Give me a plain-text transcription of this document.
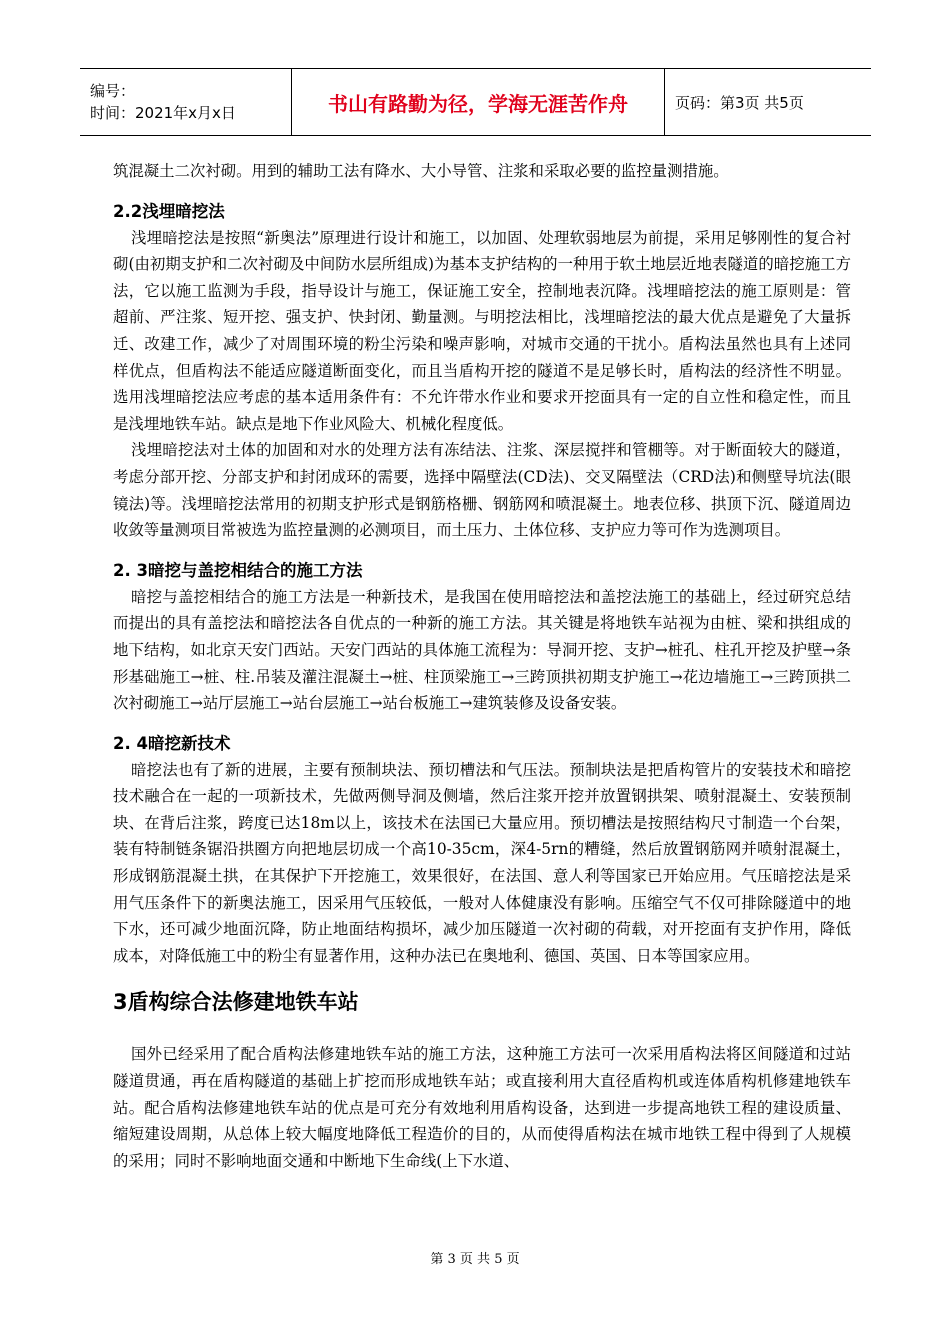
编号：
时间：2021年x月x日	书山有路勤为径，学海无涯苦作舟	页码：第3页 共5页

筑混凝土二次衬砌。用到的辅助工法有降水、大小导管、注浆和采取必要的监控量测措施。

2.2浅埋暗挖法

浅埋暗挖法是按照“新奥法”原理进行设计和施工，以加固、处理软弱地层为前提，采用足够刚性的复合衬砌(由初期支护和二次衬砌及中间防水层所组成)为基本支护结构的一种用于软土地层近地表隧道的暗挖施工方法，它以施工监测为手段，指导设计与施工，保证施工安全，控制地表沉降。浅埋暗挖法的施工原则是：管超前、严注浆、短开挖、强支护、快封闭、勤量测。与明挖法相比，浅埋暗挖法的最大优点是避免了大量拆迁、改建工作，减少了对周围环境的粉尘污染和噪声影响，对城市交通的干扰小。盾构法虽然也具有上述同样优点，但盾构法不能适应隧道断面变化，而且当盾构开挖的隧道不是足够长时，盾构法的经济性不明显。选用浅埋暗挖法应考虑的基本适用条件有：不允许带水作业和要求开挖面具有一定的自立性和稳定性，而且是浅埋地铁车站。缺点是地下作业风险大、机械化程度低。

浅埋暗挖法对土体的加固和对水的处理方法有冻结法、注浆、深层搅拌和管棚等。对于断面较大的隧道，考虑分部开挖、分部支护和封闭成环的需要，选择中隔壁法(CD法)、交叉隔壁法（CRD法)和侧壁导坑法(眼镜法)等。浅埋暗挖法常用的初期支护形式是钢筋格栅、钢筋网和喷混凝土。地表位移、拱顶下沉、隧道周边收敛等量测项目常被选为监控量测的必测项目，而土压力、土体位移、支护应力等可作为选测项目。

2. 3暗挖与盖挖相结合的施工方法

暗挖与盖挖相结合的施工方法是一种新技术，是我国在使用暗挖法和盖挖法施工的基础上，经过研究总结而提出的具有盖挖法和暗挖法各自优点的一种新的施工方法。其关键是将地铁车站视为由桩、梁和拱组成的地下结构，如北京天安门西站。天安门西站的具体施工流程为：导洞开挖、支护→桩孔、柱孔开挖及护壁→条形基础施工→桩、柱.吊装及灌注混凝土→桩、柱顶梁施工→三跨顶拱初期支护施工→花边墙施工→三跨顶拱二次衬砌施工→站厅层施工→站台层施工→站台板施工→建筑装修及设备安装。

2. 4暗挖新技术

暗挖法也有了新的进展，主要有预制块法、预切槽法和气压法。预制块法是把盾构管片的安装技术和暗挖技术融合在一起的一项新技术，先做两侧导洞及侧墙，然后注浆开挖并放置钢拱架、喷射混凝土、安装预制块、在背后注浆，跨度已达18m以上，该技术在法国已大量应用。预切槽法是按照结构尺寸制造一个台架，装有特制链条锯沿拱圈方向把地层切成一个高10-35cm，深4-5rn的糟缝，然后放置钢筋网并喷射混凝土，形成钢筋混凝土拱，在其保护下开挖施工，效果很好，在法国、意人利等国家已开始应用。气压暗挖法是采用气压条件下的新奥法施工，因采用气压较低，一般对人体健康没有影响。压缩空气不仅可排除隧道中的地下水，还可减少地面沉降，防止地面结构损坏，减少加压隧道一次衬砌的荷载，对开挖面有支护作用，降低成本，对降低施工中的粉尘有显著作用，这种办法已在奥地利、德国、英国、日本等国家应用。

3盾构综合法修建地铁车站

国外已经采用了配合盾构法修建地铁车站的施工方法，这种施工方法可一次采用盾构法将区间隧道和过站隧道贯通，再在盾构隧道的基础上扩挖而形成地铁车站；或直接利用大直径盾构机或连体盾构机修建地铁车站。配合盾构法修建地铁车站的优点是可充分有效地利用盾构设备，达到进一步提高地铁工程的建设质量、缩短建设周期，从总体上较大幅度地降低工程造价的目的，从而使得盾构法在城市地铁工程中得到了人规模的采用；同时不影响地面交通和中断地下生命线(上下水道、

第 3 页 共 5 页
